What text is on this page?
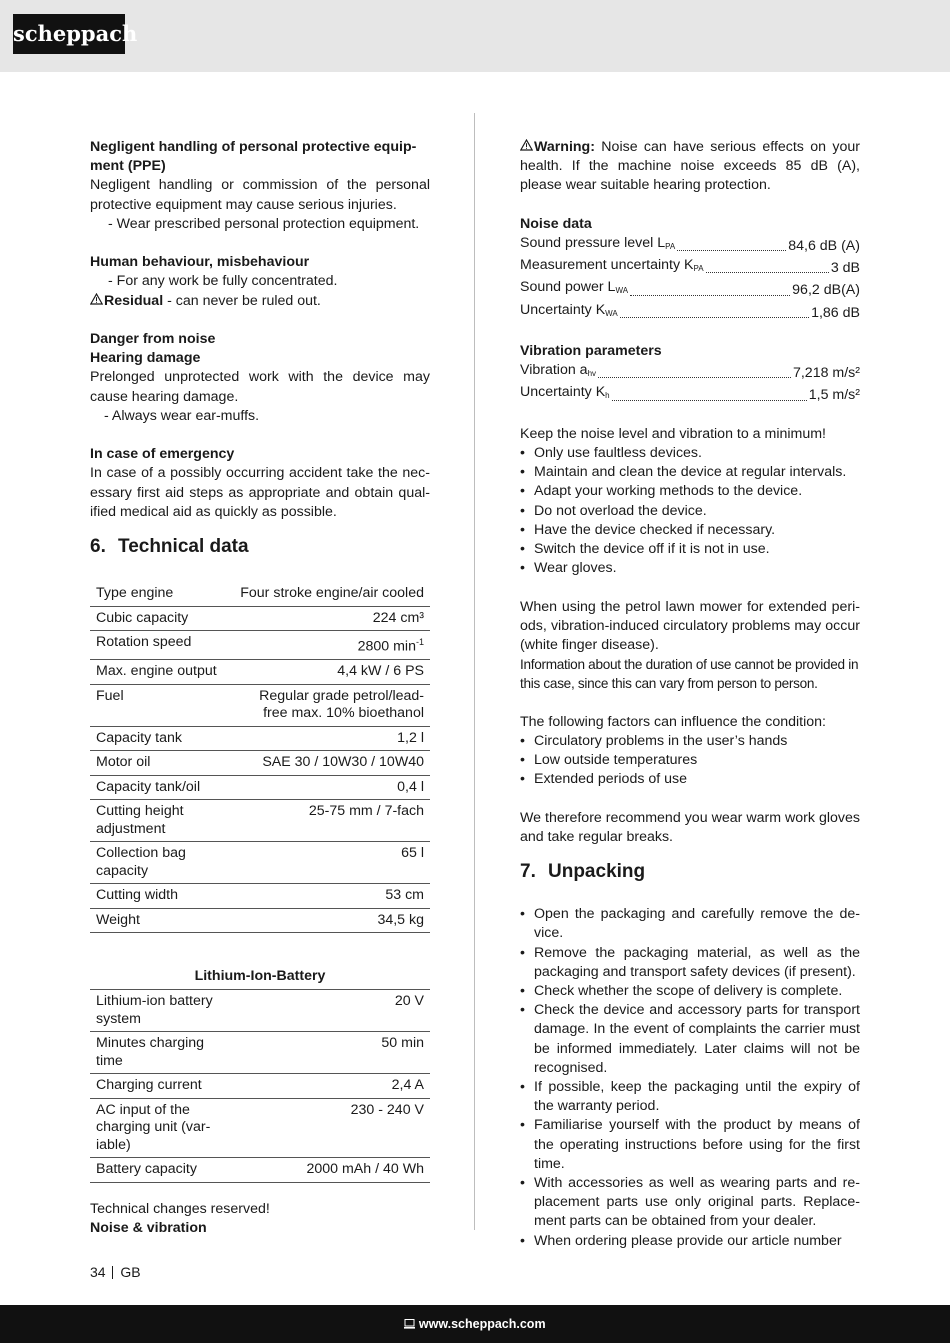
scheppach

Negligent handling of personal protective equipment (PPE)

Negligent handling or commission of the personal protective equipment may cause serious injuries.

- Wear prescribed personal protection equipment.

Human behaviour, misbehaviour

- For any work be fully concentrated.

Residual - can never be ruled out.

Danger from noise

Hearing damage

Prelonged unprotected work with the device may cause hearing damage.

- Always wear ear-muffs.

In case of emergency

In case of a possibly occurring accident take the necessary first aid steps as appropriate and obtain qualified medical aid as quickly as possible.

6. Technical data
Type engine	Four stroke engine/air cooled
Cubic capacity	224 cm³
Rotation speed	2800 $\min^{-1}$
Max. engine output	4,4 kW / 6 PS
Fuel	Regular grade petrol/lead-free max. 10% bioethanol
Capacity tank	1,2 l
Motor oil	SAE 30 / 10W30 / 10W40
Capacity tank/oil	0,4 l
Cutting height adjustment	25-75 mm / 7-fach
Collection bag capacity	65 l
Cutting width	53 cm
Weight	34,5 kg
Lithium-Ion-Battery
Lithium-ion battery system	20 V
Minutes charging time	50 min
Charging current	2,4 A
AC input of the charging unit (variable)	230 - 240 V
Battery capacity	2000 mAh / 40 Wh

Technical changes reserved!

Noise & vibration

Warning: Noise can have serious effects on your health. If the machine noise exceeds 85 dB (A), please wear suitable hearing protection.

Noise data

Sound pressure level $L_{PA}$	84,6 dB (A)
Measurement uncertainty $K_{PA}$	3 dB
Sound power $L_{WA}$	96,2 dB(A)
Uncertainty $K_{WA}$	1,86 dB

Vibration parameters

Vibration $a_{hv}$	7,218 m/s²
Uncertainty $K_h$	1,5 m/s²

Keep the noise level and vibration to a minimum!

• Only use faultless devices.
• Maintain and clean the device at regular intervals.
• Adapt your working methods to the device.
• Do not overload the device.
• Have the device checked if necessary.
• Switch the device off if it is not in use.
• Wear gloves.

When using the petrol lawn mower for extended periods, vibration-induced circulatory problems may occur (white finger disease).

Information about the duration of use cannot be provided in this case, since this can vary from person to person.

The following factors can influence the condition:

• Circulatory problems in the user’s hands
• Low outside temperatures
• Extended periods of use

We therefore recommend you wear warm work gloves and take regular breaks.

7. Unpacking
• Open the packaging and carefully remove the device.
• Remove the packaging material, as well as the packaging and transport safety devices (if present).
• Check whether the scope of delivery is complete.
• Check the device and accessory parts for transport damage. In the event of complaints the carrier must be informed immediately. Later claims will not be recognised.
• If possible, keep the packaging until the expiry of the warranty period.
• Familiarise yourself with the product by means of the operating instructions before using for the first time.
• With accessories as well as wearing parts and replacement parts use only original parts. Replacement parts can be obtained from your dealer.
• When ordering please provide our article number
34 GB
www.scheppach.com
